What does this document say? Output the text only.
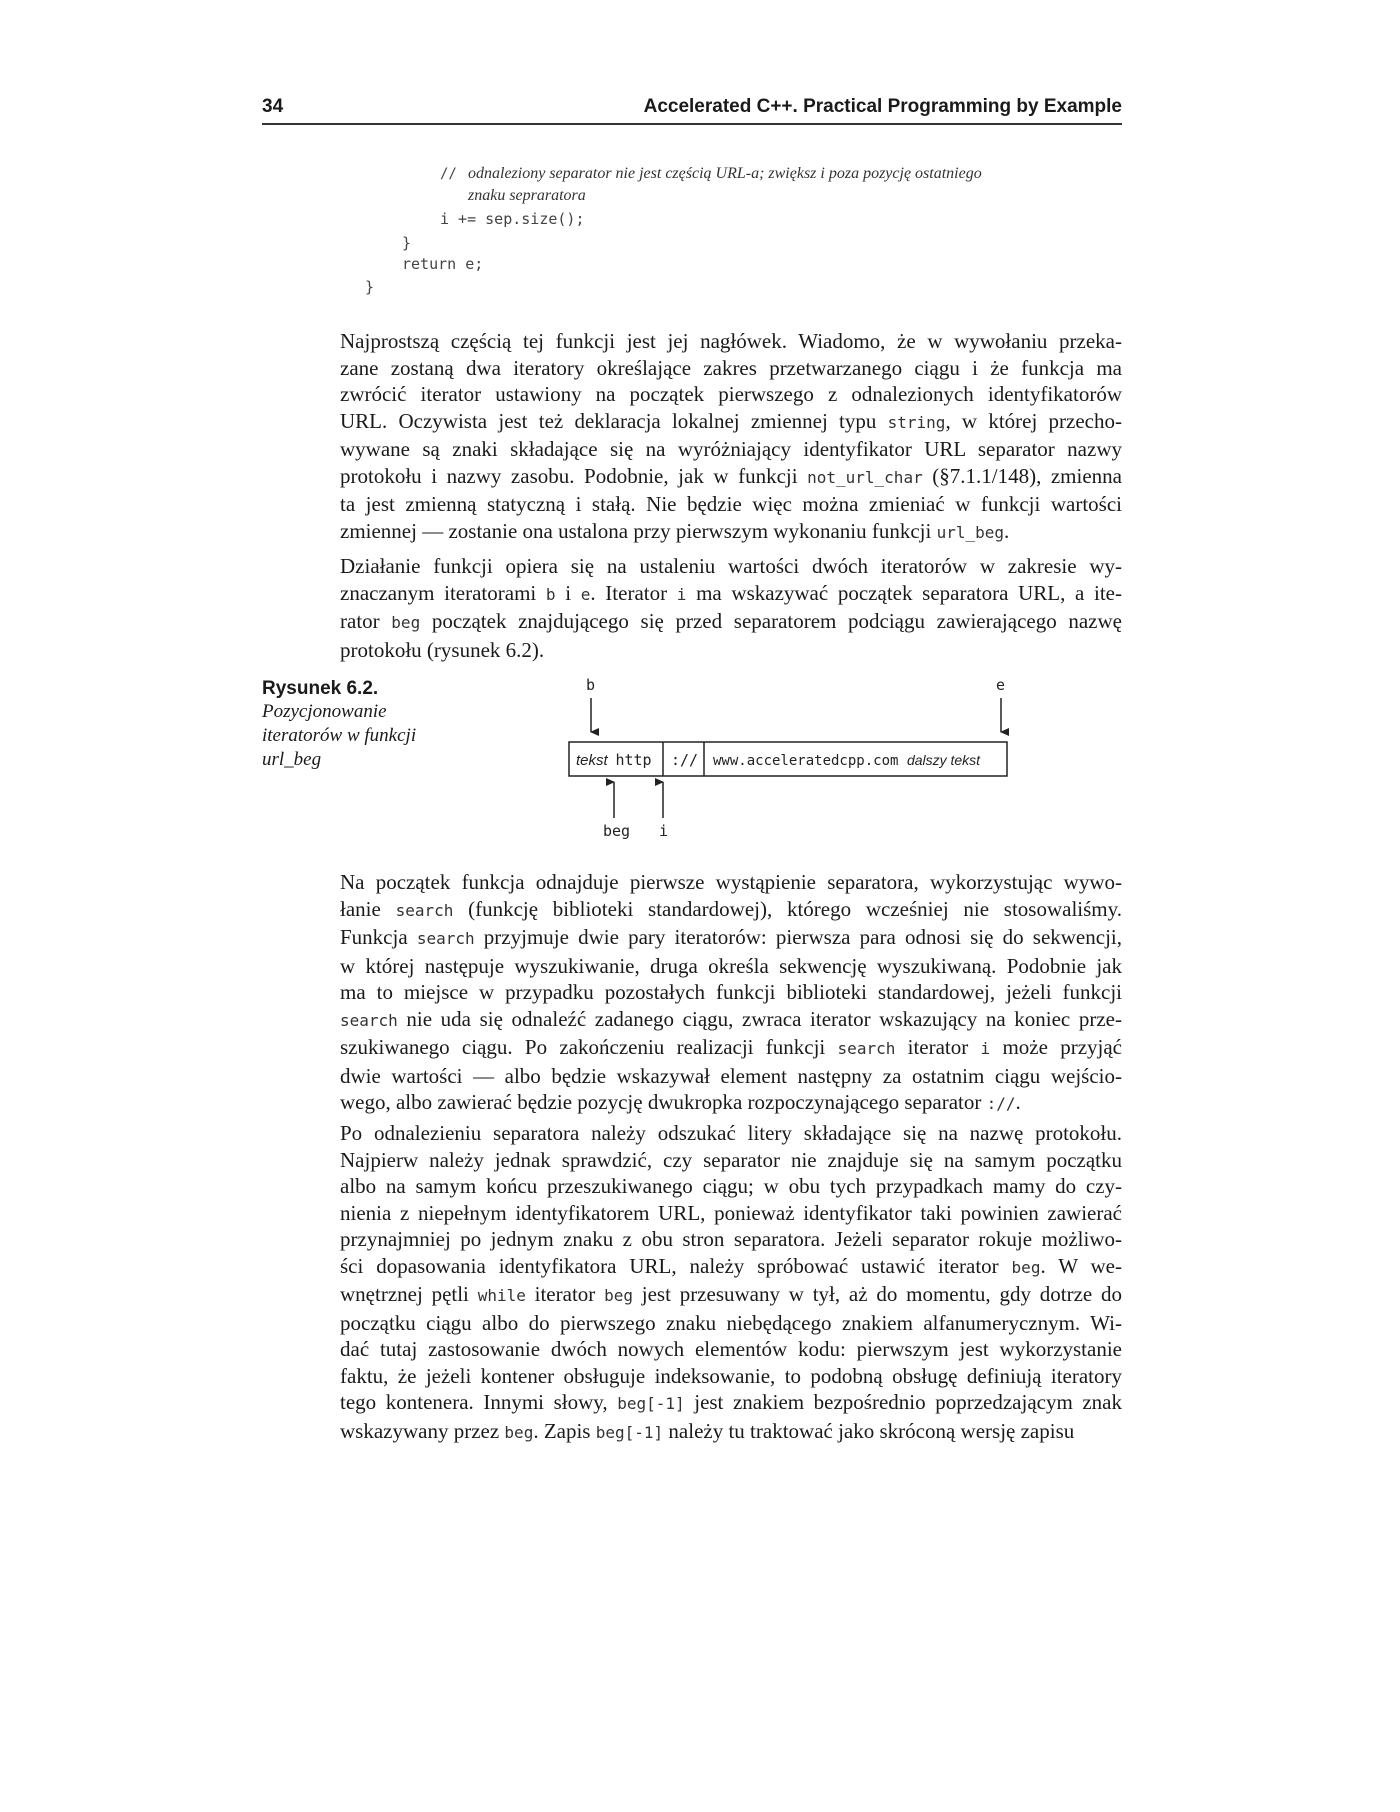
34	Accelerated C++. Practical Programming by Example
// odnaleziony separator nie jest częścią URL-a; zwiększ i poza pozycję ostatniego
znaku sepraratora
i += sep.size();
}
return e;
}
Najprostszą częścią tej funkcji jest jej nagłówek. Wiadomo, że w wywołaniu przeka-
zane zostaną dwa iteratory określające zakres przetwarzanego ciągu i że funkcja ma
zwrócić iterator ustawiony na początek pierwszego z odnalezionych identyfikatorów
URL. Oczywista jest też deklaracja lokalnej zmiennej typu string, w której przecho-
wywane są znaki składające się na wyróżniający identyfikator URL separator nazwy
protokołu i nazwy zasobu. Podobnie, jak w funkcji not_url_char (§7.1.1/148), zmienna
ta jest zmienną statyczną i stałą. Nie będzie więc można zmieniać w funkcji wartości
zmiennej — zostanie ona ustalona przy pierwszym wykonaniu funkcji url_beg.
Działanie funkcji opiera się na ustaleniu wartości dwóch iteratorów w zakresie wy-
znaczanym iteratorami b i e. Iterator i ma wskazywać początek separatora URL, a ite-
rator beg początek znajdującego się przed separatorem podciągu zawierającego nazwę
protokołu (rysunek 6.2).
Rysunek 6.2.
Pozycjonowanie
iteratorów w funkcji
url_beg
b	e
tekst http :// www.acceleratedcpp.com dalszy tekst
beg i
Na początek funkcja odnajduje pierwsze wystąpienie separatora, wykorzystując wywo-
łanie search (funkcję biblioteki standardowej), którego wcześniej nie stosowaliśmy.
Funkcja search przyjmuje dwie pary iteratorów: pierwsza para odnosi się do sekwencji,
w której następuje wyszukiwanie, druga określa sekwencję wyszukiwaną. Podobnie jak
ma to miejsce w przypadku pozostałych funkcji biblioteki standardowej, jeżeli funkcji
search nie uda się odnaleźć zadanego ciągu, zwraca iterator wskazujący na koniec prze-
szukiwanego ciągu. Po zakończeniu realizacji funkcji search iterator i może przyjąć
dwie wartości — albo będzie wskazywał element następny za ostatnim ciągu wejścio-
wego, albo zawierać będzie pozycję dwukropka rozpoczynającego separator ://.
Po odnalezieniu separatora należy odszukać litery składające się na nazwę protokołu.
Najpierw należy jednak sprawdzić, czy separator nie znajduje się na samym początku
albo na samym końcu przeszukiwanego ciągu; w obu tych przypadkach mamy do czy-
nienia z niepełnym identyfikatorem URL, ponieważ identyfikator taki powinien zawierać
przynajmniej po jednym znaku z obu stron separatora. Jeżeli separator rokuje możliwo-
ści dopasowania identyfikatora URL, należy spróbować ustawić iterator beg. W we-
wnętrznej pętli while iterator beg jest przesuwany w tył, aż do momentu, gdy dotrze do
początku ciągu albo do pierwszego znaku niebędącego znakiem alfanumerycznym. Wi-
dać tutaj zastosowanie dwóch nowych elementów kodu: pierwszym jest wykorzystanie
faktu, że jeżeli kontener obsługuje indeksowanie, to podobną obsługę definiują iteratory
tego kontenera. Innymi słowy, beg[-1] jest znakiem bezpośrednio poprzedzającym znak
wskazywany przez beg. Zapis beg[-1] należy tu traktować jako skróconą wersję zapisu
